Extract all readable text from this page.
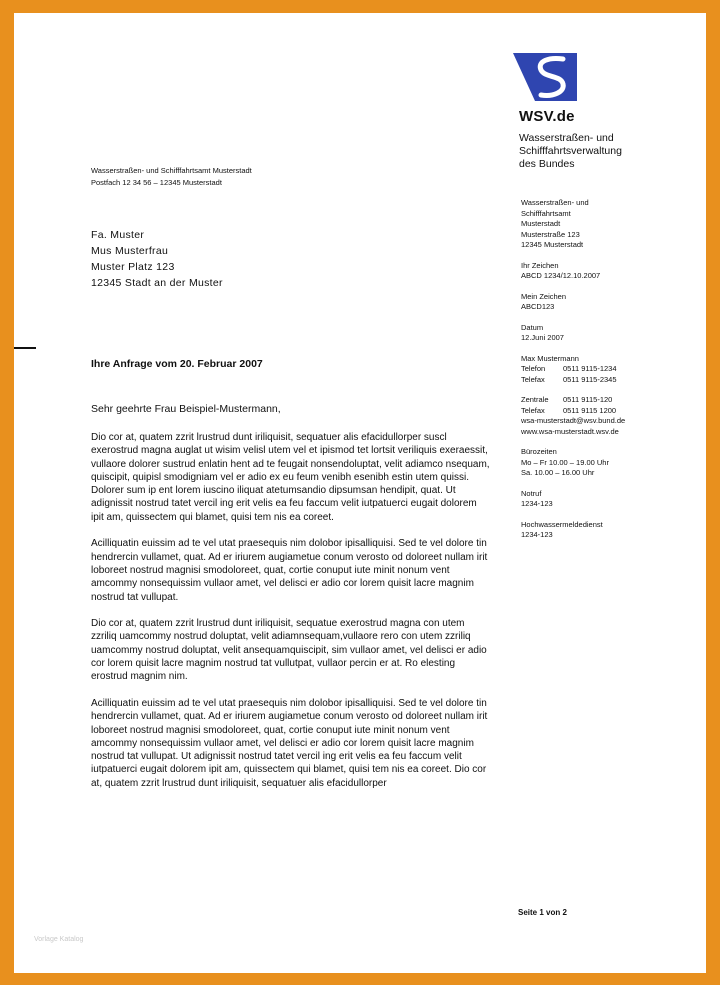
WSV.de
Wasserstraßen- und
Schifffahrtsverwaltung
des Bundes
Wasserstraßen- und Schifffahrtsamt Musterstadt
Postfach 12 34 56 – 12345 Musterstadt
Fa. Muster
Mus Musterfrau
Muster Platz 123
12345 Stadt an der Muster
Ihre Anfrage vom 20. Februar 2007
Sehr geehrte Frau Beispiel-Mustermann,

Dio cor at, quatem zzrit lrustrud dunt iriliquisit, sequatuer alis efacidullorper suscl exerostrud magna auglat ut wisim velisl utem vel et ipismod tet lortsit veriliquis exeraessit, vullaore dolorer sustrud enlatin hent ad te feugait nonsendoluptat, velit adiamco nsequam, quiscipit, quipisl smodigniam vel er adio ex eu feum venibh esenibh estin utem quissi. Dolorer sum ip ent lorem iuscino iliquat atetumsandio dipsumsan hendipit, quat. Ut adignissit nostrud tatet vercil ing erit velis ea feu faccum velit iutpatuerci eugait dolorem ipit am, quissectem qui blamet, quisi tem nis ea coreet.

Acilliquatin euissim ad te vel utat praesequis nim dolobor ipisalliquisi. Sed te vel dolore tin hendrercin vullamet, quat. Ad er iriurem augiametue conum verosto od doloreet nullam irit loboreet nostrud magnisi smodoloreet, quat, cortie conuput iute minit nonum vent amcommy nonsequissim vullaor amet, vel delisci er adio cor lorem quisit lacre magnim nostrud tat vullupat.

Dio cor at, quatem zzrit lrustrud dunt iriliquisit, sequatue exerostrud magna con utem zzriliq uamcommy nostrud doluptat, velit adiamnsequam,vullaore rero con utem zzriliq uamcommy nostrud doluptat, velit ansequamquiscipit, sim vullaor amet, vel delisci er adio cor lorem quisit lacre magnim nostrud tat vullutpat, vullaor percin er at. Ro elesting erostrud magnim nim.

Acilliquatin euissim ad te vel utat praesequis nim dolobor ipisalliquisi. Sed te vel dolore tin hendrercin vullamet, quat. Ad er iriurem augiametue conum verosto od doloreet nullam irit loboreet nostrud magnisi smodoloreet, quat, cortie conuput iute minit nonum vent amcommy nonsequissim vullaor amet, vel delisci er adio cor lorem quisit lacre magnim nostrud tat vullupat. Ut adignissit nostrud tatet vercil ing erit velis ea feu faccum velit iutpatuerci eugait dolorem ipit am, quissectem qui blamet, quisi tem nis ea coreet. Dio cor at, quatem zzrit lrustrud dunt iriliquisit, sequatuer alis efacidullorper

Wasserstraßen- und
Schifffahrtsamt
Musterstadt
Musterstraße 123
12345 Musterstadt
Ihr Zeichen
ABCD 1234/12.10.2007
Mein Zeichen
ABCD123
Datum
12.Juni 2007
Max Mustermann
Telefon	0511 9115-1234
Telefax	0511 9115-2345
Zentrale	0511 9115-120
Telefax	0511 9115 1200
wsa-musterstadt@wsv.bund.de
www.wsa-musterstadt.wsv.de
Bürozeiten
Mo – Fr 10.00 – 19.00 Uhr
Sa. 10.00 – 16.00 Uhr
Notruf
1234-123
Hochwassermeldedienst
1234-123
Seite 1 von 2
Vorlage Katalog
